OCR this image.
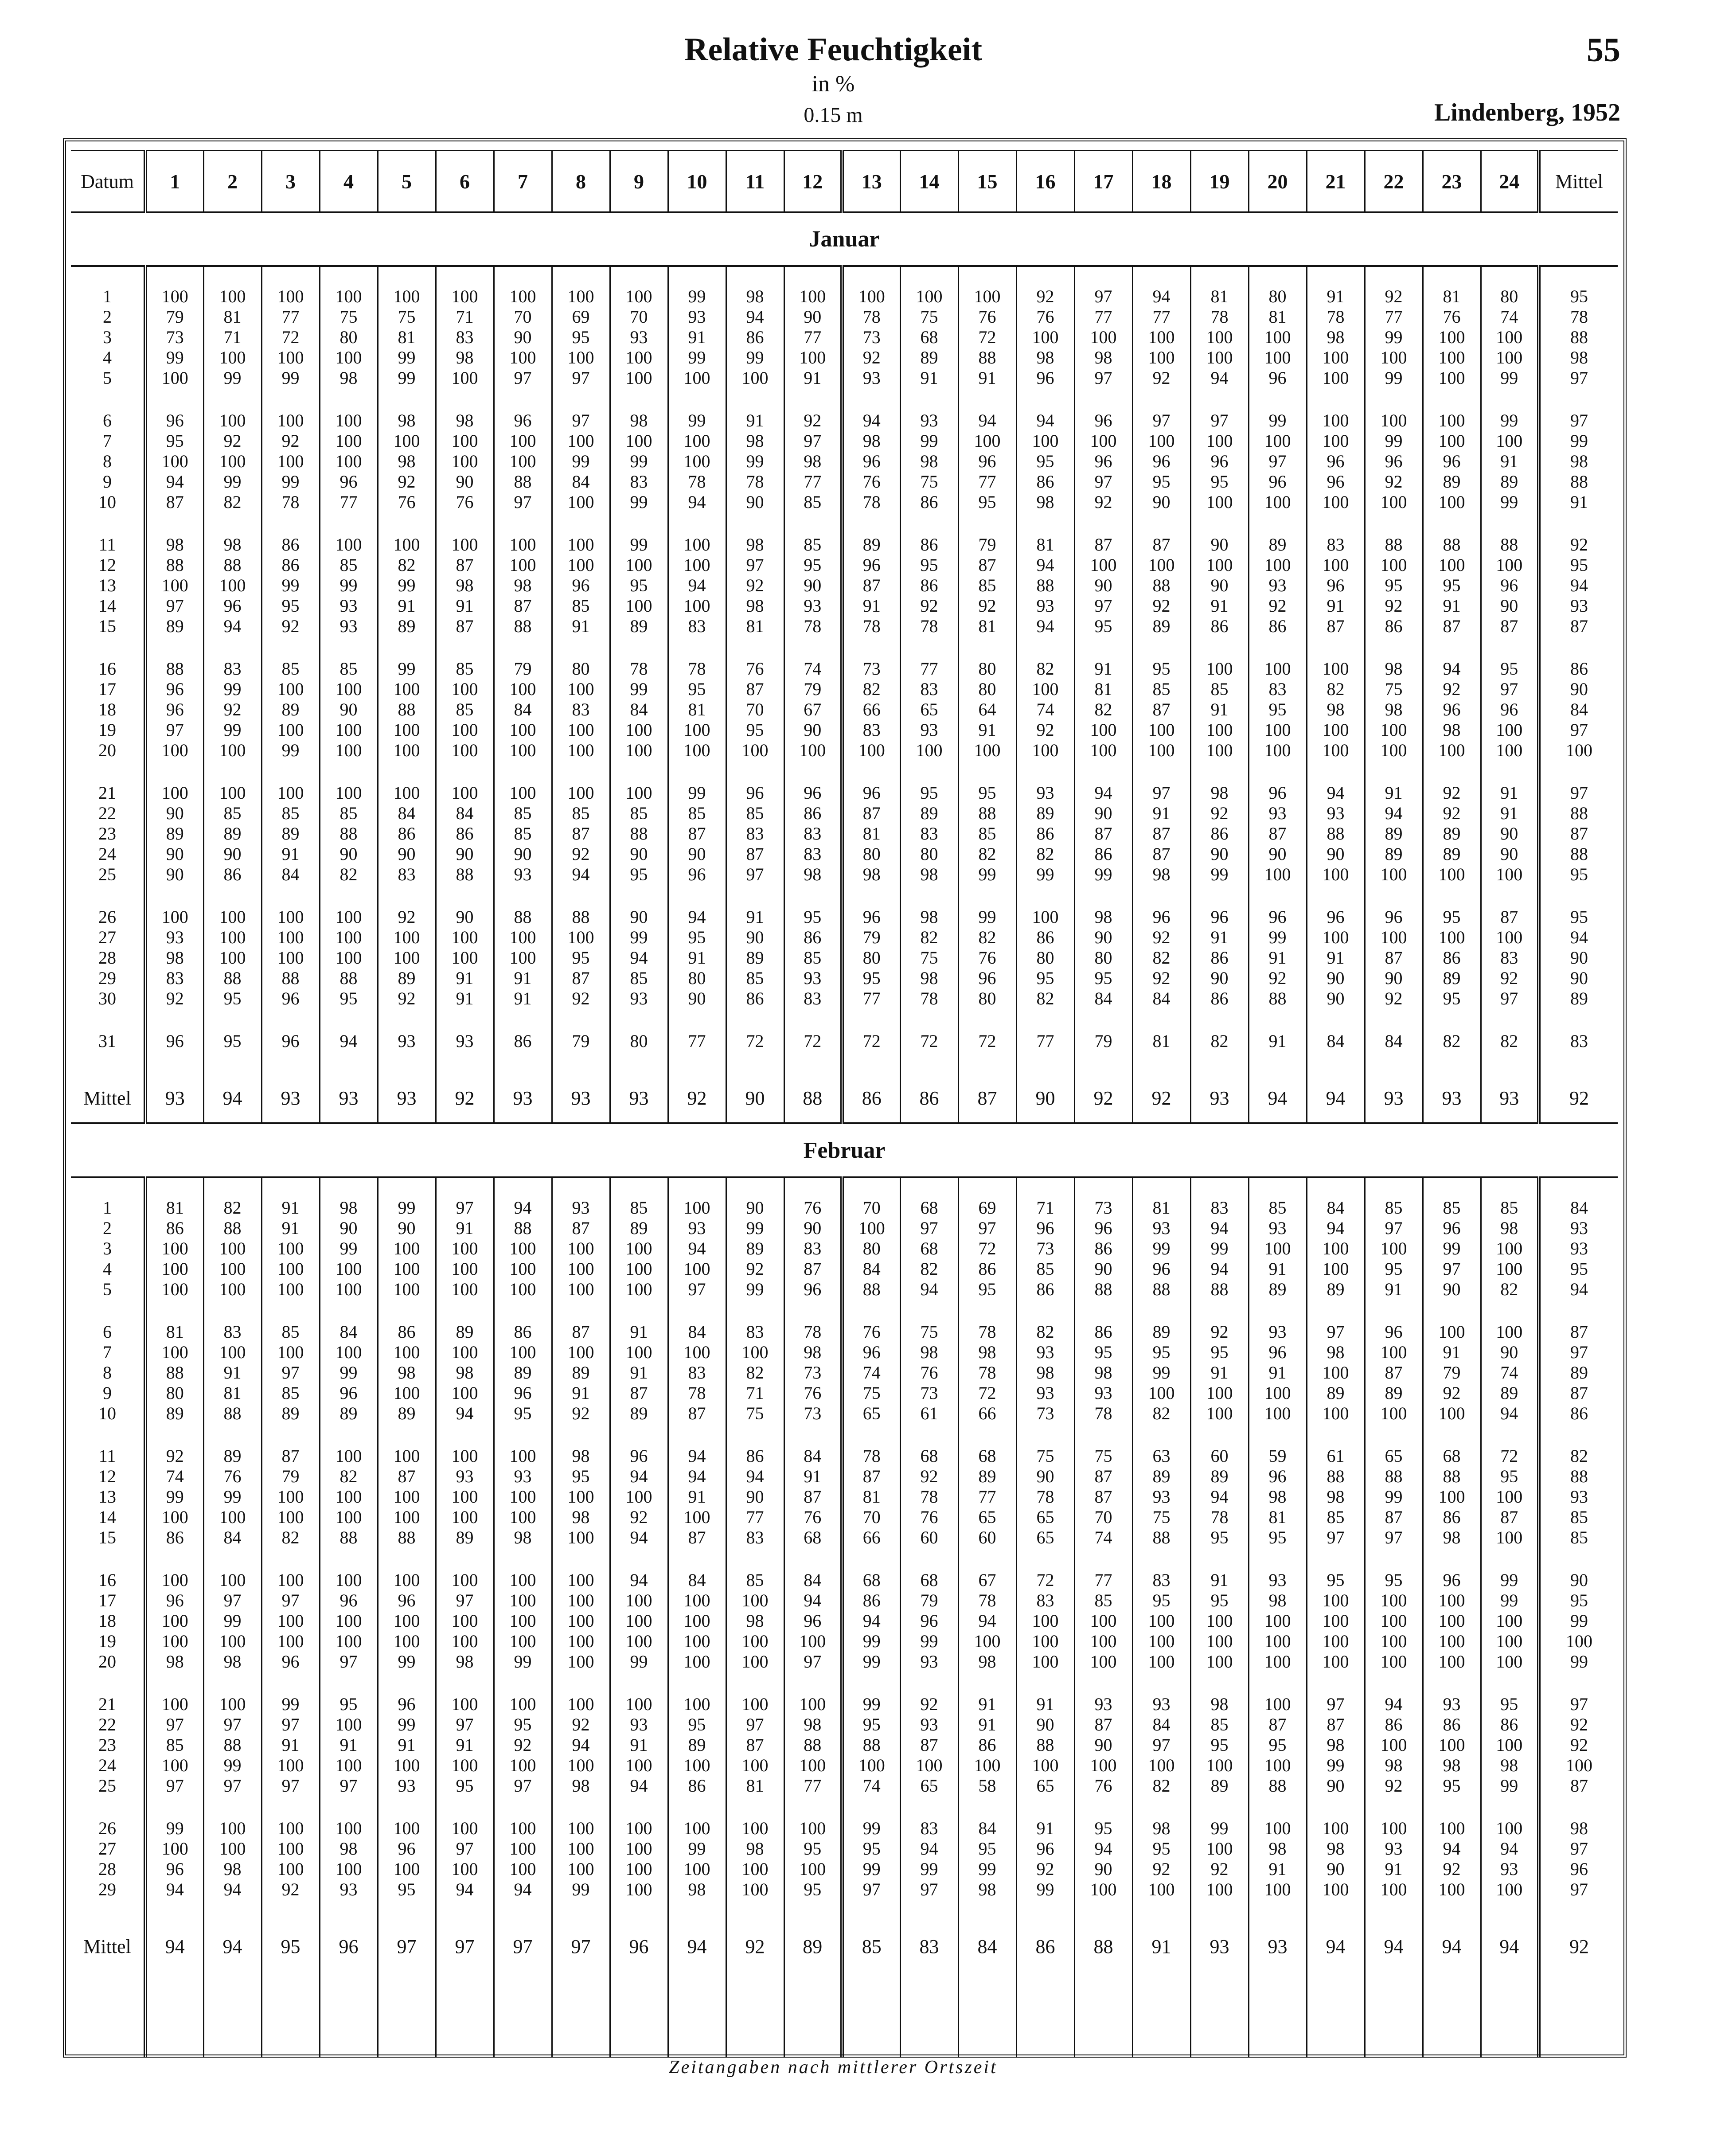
Relative Feuchtigkeit
in %
0.15 m
55
Lindenberg, 1952
Datum	1	2	3	4	5	6	7	8	9	10	11	12	13	14	15	16	17	18	19	20	21	22	23	24	Mittel
Januar																									

1	100	100	100	100	100	100	100	100	100	99	98	100	100	100	100	92	97	94	81	80	91	92	81	80	95
2	79	81	77	75	75	71	70	69	70	93	94	90	78	75	76	76	77	77	78	81	78	77	76	74	78
3	73	71	72	80	81	83	90	95	93	91	86	77	73	68	72	100	100	100	100	100	98	99	100	100	88
4	99	100	100	100	99	98	100	100	100	99	99	100	92	89	88	98	98	100	100	100	100	100	100	100	98
5	100	99	99	98	99	100	97	97	100	100	100	91	93	91	91	96	97	92	94	96	100	99	100	99	97

6	96	100	100	100	98	98	96	97	98	99	91	92	94	93	94	94	96	97	97	99	100	100	100	99	97
7	95	92	92	100	100	100	100	100	100	100	98	97	98	99	100	100	100	100	100	100	100	99	100	100	99
8	100	100	100	100	98	100	100	99	99	100	99	98	96	98	96	95	96	96	96	97	96	96	96	91	98
9	94	99	99	96	92	90	88	84	83	78	78	77	76	75	77	86	97	95	95	96	96	92	89	89	88
10	87	82	78	77	76	76	97	100	99	94	90	85	78	86	95	98	92	90	100	100	100	100	100	99	91

11	98	98	86	100	100	100	100	100	99	100	98	85	89	86	79	81	87	87	90	89	83	88	88	88	92
12	88	88	86	85	82	87	100	100	100	100	97	95	96	95	87	94	100	100	100	100	100	100	100	100	95
13	100	100	99	99	99	98	98	96	95	94	92	90	87	86	85	88	90	88	90	93	96	95	95	96	94
14	97	96	95	93	91	91	87	85	100	100	98	93	91	92	92	93	97	92	91	92	91	92	91	90	93
15	89	94	92	93	89	87	88	91	89	83	81	78	78	78	81	94	95	89	86	86	87	86	87	87	87

16	88	83	85	85	99	85	79	80	78	78	76	74	73	77	80	82	91	95	100	100	100	98	94	95	86
17	96	99	100	100	100	100	100	100	99	95	87	79	82	83	80	100	81	85	85	83	82	75	92	97	90
18	96	92	89	90	88	85	84	83	84	81	70	67	66	65	64	74	82	87	91	95	98	98	96	96	84
19	97	99	100	100	100	100	100	100	100	100	95	90	83	93	91	92	100	100	100	100	100	100	98	100	97
20	100	100	99	100	100	100	100	100	100	100	100	100	100	100	100	100	100	100	100	100	100	100	100	100	100

21	100	100	100	100	100	100	100	100	100	99	96	96	96	95	95	93	94	97	98	96	94	91	92	91	97
22	90	85	85	85	84	84	85	85	85	85	85	86	87	89	88	89	90	91	92	93	93	94	92	91	88
23	89	89	89	88	86	86	85	87	88	87	83	83	81	83	85	86	87	87	86	87	88	89	89	90	87
24	90	90	91	90	90	90	90	92	90	90	87	83	80	80	82	82	86	87	90	90	90	89	89	90	88
25	90	86	84	82	83	88	93	94	95	96	97	98	98	98	99	99	99	98	99	100	100	100	100	100	95

26	100	100	100	100	92	90	88	88	90	94	91	95	96	98	99	100	98	96	96	96	96	96	95	87	95
27	93	100	100	100	100	100	100	100	99	95	90	86	79	82	82	86	90	92	91	99	100	100	100	100	94
28	98	100	100	100	100	100	100	95	94	91	89	85	80	75	76	80	80	82	86	91	91	87	86	83	90
29	83	88	88	88	89	91	91	87	85	80	85	93	95	98	96	95	95	92	90	92	90	90	89	92	90
30	92	95	96	95	92	91	91	92	93	90	86	83	77	78	80	82	84	84	86	88	90	92	95	97	89

31	96	95	96	94	93	93	86	79	80	77	72	72	72	72	72	77	79	81	82	91	84	84	82	82	83

Mittel	93	94	93	93	93	92	93	93	93	92	90	88	86	86	87	90	92	92	93	94	94	93	93	93	92
Februar																									

1	81	82	91	98	99	97	94	93	85	100	90	76	70	68	69	71	73	81	83	85	84	85	85	85	84
2	86	88	91	90	90	91	88	87	89	93	99	90	100	97	97	96	96	93	94	93	94	97	96	98	93
3	100	100	100	99	100	100	100	100	100	94	89	83	80	68	72	73	86	99	99	100	100	100	99	100	93
4	100	100	100	100	100	100	100	100	100	100	92	87	84	82	86	85	90	96	94	91	100	95	97	100	95
5	100	100	100	100	100	100	100	100	100	97	99	96	88	94	95	86	88	88	88	89	89	91	90	82	94

6	81	83	85	84	86	89	86	87	91	84	83	78	76	75	78	82	86	89	92	93	97	96	100	100	87
7	100	100	100	100	100	100	100	100	100	100	100	98	96	98	98	93	95	95	95	96	98	100	91	90	97
8	88	91	97	99	98	98	89	89	91	83	82	73	74	76	78	98	98	99	91	91	100	87	79	74	89
9	80	81	85	96	100	100	96	91	87	78	71	76	75	73	72	93	93	100	100	100	89	89	92	89	87
10	89	88	89	89	89	94	95	92	89	87	75	73	65	61	66	73	78	82	100	100	100	100	100	94	86

11	92	89	87	100	100	100	100	98	96	94	86	84	78	68	68	75	75	63	60	59	61	65	68	72	82
12	74	76	79	82	87	93	93	95	94	94	94	91	87	92	89	90	87	89	89	96	88	88	88	95	88
13	99	99	100	100	100	100	100	100	100	91	90	87	81	78	77	78	87	93	94	98	98	99	100	100	93
14	100	100	100	100	100	100	100	98	92	100	77	76	70	76	65	65	70	75	78	81	85	87	86	87	85
15	86	84	82	88	88	89	98	100	94	87	83	68	66	60	60	65	74	88	95	95	97	97	98	100	85

16	100	100	100	100	100	100	100	100	94	84	85	84	68	68	67	72	77	83	91	93	95	95	96	99	90
17	96	97	97	96	96	97	100	100	100	100	100	94	86	79	78	83	85	95	95	98	100	100	100	99	95
18	100	99	100	100	100	100	100	100	100	100	98	96	94	96	94	100	100	100	100	100	100	100	100	100	99
19	100	100	100	100	100	100	100	100	100	100	100	100	99	99	100	100	100	100	100	100	100	100	100	100	100
20	98	98	96	97	99	98	99	100	99	100	100	97	99	93	98	100	100	100	100	100	100	100	100	100	99

21	100	100	99	95	96	100	100	100	100	100	100	100	99	92	91	91	93	93	98	100	97	94	93	95	97
22	97	97	97	100	99	97	95	92	93	95	97	98	95	93	91	90	87	84	85	87	87	86	86	86	92
23	85	88	91	91	91	91	92	94	91	89	87	88	88	87	86	88	90	97	95	95	98	100	100	100	92
24	100	99	100	100	100	100	100	100	100	100	100	100	100	100	100	100	100	100	100	100	99	98	98	98	100
25	97	97	97	97	93	95	97	98	94	86	81	77	74	65	58	65	76	82	89	88	90	92	95	99	87

26	99	100	100	100	100	100	100	100	100	100	100	100	99	83	84	91	95	98	99	100	100	100	100	100	98
27	100	100	100	98	96	97	100	100	100	99	98	95	95	94	95	96	94	95	100	98	98	93	94	94	97
28	96	98	100	100	100	100	100	100	100	100	100	100	99	99	99	92	90	92	92	91	90	91	92	93	96
29	94	94	92	93	95	94	94	99	100	98	100	95	97	97	98	99	100	100	100	100	100	100	100	100	97

Mittel	94	94	95	96	97	97	97	97	96	94	92	89	85	83	84	86	88	91	93	93	94	94	94	94	92

Zeitangaben nach mittlerer Ortszeit
